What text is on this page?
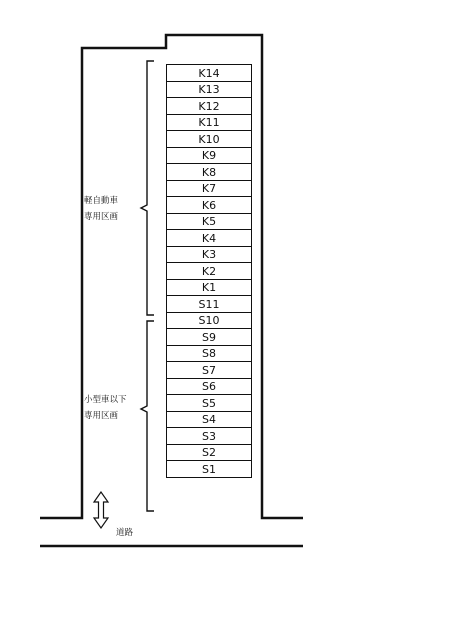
K14
K13
K12
K11
K10
K9
K8
K7
K6
K5
K4
K3
K2
K1
S11
S10
S9
S8
S7
S6
S5
S4
S3
S2
S1
軽自動車
専用区画
小型車以下
専用区画
道路
